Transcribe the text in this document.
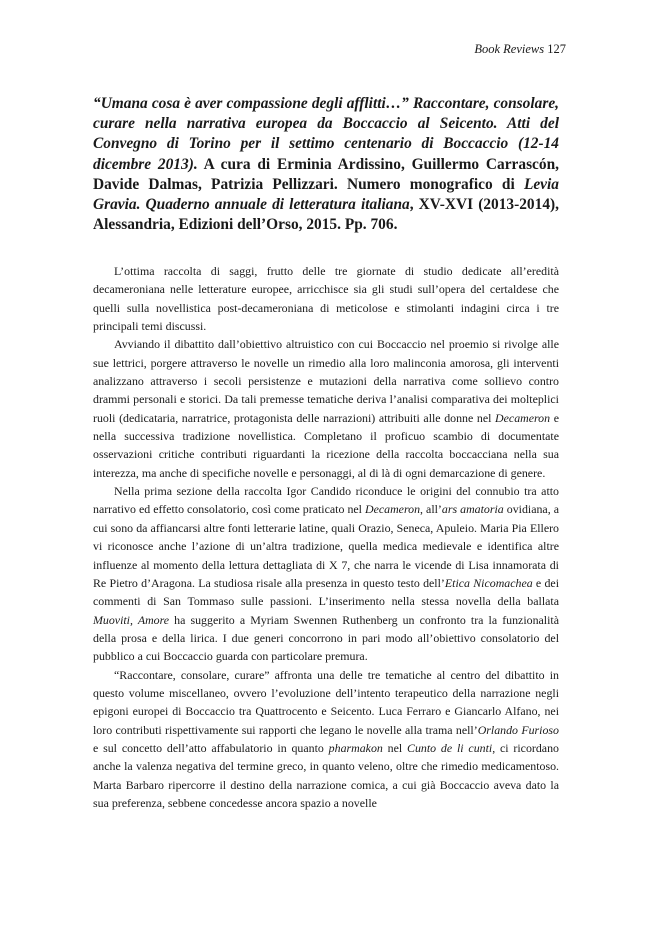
Book Reviews 127
“Umana cosa è aver compassione degli afflitti…” Raccontare, consolare, curare nella narrativa europea da Boccaccio al Seicento. Atti del Convegno di Torino per il settimo centenario di Boccaccio (12-14 dicembre 2013). A cura di Erminia Ardissino, Guillermo Carrascón, Davide Dalmas, Patrizia Pellizzari. Numero monografico di Levia Gravia. Quaderno annuale di letteratura italiana, XV-XVI (2013-2014), Alessandria, Edizioni dell’Orso, 2015. Pp. 706.

L’ottima raccolta di saggi, frutto delle tre giornate di studio dedicate all’eredità decameroniana nelle letterature europee, arricchisce sia gli studi sull’opera del certaldese che quelli sulla novellistica post-decameroniana di meticolose e stimolanti indagini circa i tre principali temi discussi.

Avviando il dibattito dall’obiettivo altruistico con cui Boccaccio nel proemio si rivolge alle sue lettrici, porgere attraverso le novelle un rimedio alla loro malinconia amorosa, gli interventi analizzano attraverso i secoli persistenze e mutazioni della narrativa come sollievo contro drammi personali e storici. Da tali premesse tematiche deriva l’analisi comparativa dei molteplici ruoli (dedicataria, narratrice, protagonista delle narrazioni) attribuiti alle donne nel Decameron e nella successiva tradizione novellistica. Completano il proficuo scambio di documentate osservazioni critiche contributi riguardanti la ricezione della raccolta boccacciana nella sua interezza, ma anche di specifiche novelle e personaggi, al di là di ogni demarcazione di genere.

Nella prima sezione della raccolta Igor Candido riconduce le origini del connubio tra atto narrativo ed effetto consolatorio, così come praticato nel Decameron, all’ars amatoria ovidiana, a cui sono da affiancarsi altre fonti letterarie latine, quali Orazio, Seneca, Apuleio. Maria Pia Ellero vi riconosce anche l’azione di un’altra tradizione, quella medica medievale e identifica altre influenze al momento della lettura dettagliata di X 7, che narra le vicende di Lisa innamorata di Re Pietro d’Aragona. La studiosa risale alla presenza in questo testo dell’Etica Nicomachea e dei commenti di San Tommaso sulle passioni. L’inserimento nella stessa novella della ballata Muoviti, Amore ha suggerito a Myriam Swennen Ruthenberg un confronto tra la funzionalità della prosa e della lirica. I due generi concorrono in pari modo all’obiettivo consolatorio del pubblico a cui Boccaccio guarda con particolare premura.

“Raccontare, consolare, curare” affronta una delle tre tematiche al centro del dibattito in questo volume miscellaneo, ovvero l’evoluzione dell’intento terapeutico della narrazione negli epigoni europei di Boccaccio tra Quattrocento e Seicento. Luca Ferraro e Giancarlo Alfano, nei loro contributi rispettivamente sui rapporti che legano le novelle alla trama nell’Orlando Furioso e sul concetto dell’atto affabulatorio in quanto pharmakon nel Cunto de li cunti, ci ricordano anche la valenza negativa del termine greco, in quanto veleno, oltre che rimedio medicamentoso. Marta Barbaro ripercorre il destino della narrazione comica, a cui già Boccaccio aveva dato la sua preferenza, sebbene concedesse ancora spazio a novelle
